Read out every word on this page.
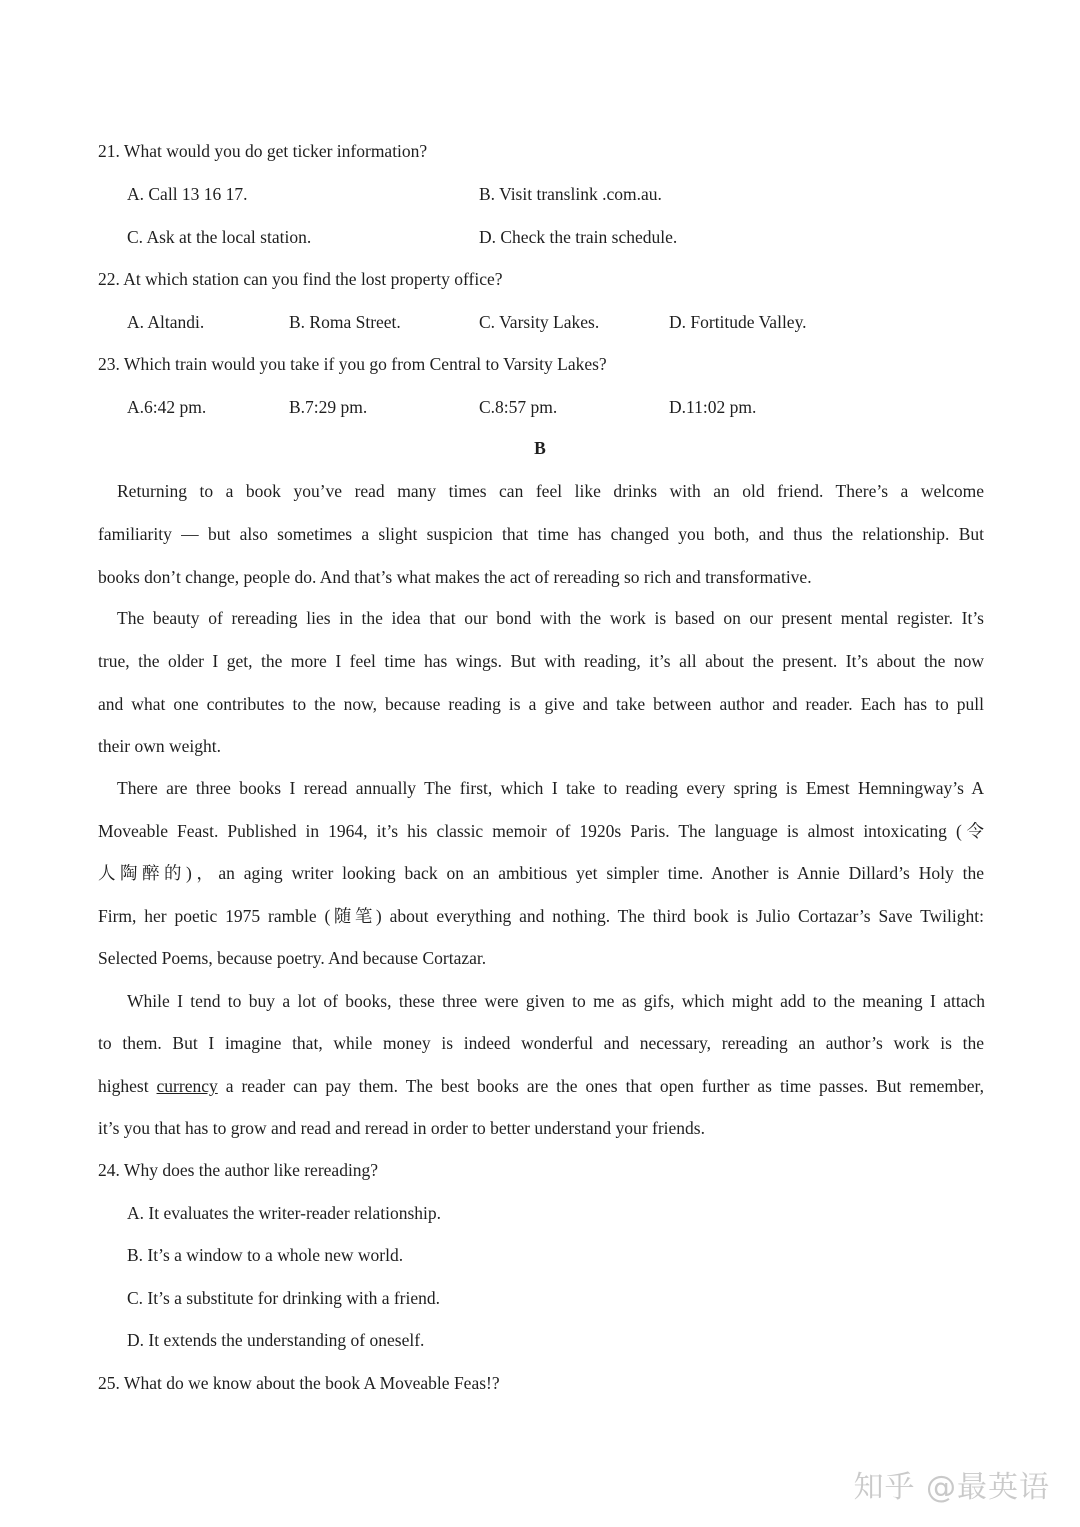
21. What would you do get ticker information?
A. Call 13 16 17.	B. Visit translink .com.au.
C. Ask at the local station.	D. Check the train schedule.
22. At which station can you find the lost property office?
A. Altandi.	B. Roma Street.	C. Varsity Lakes.	D. Fortitude Valley.
23. Which train would you take if you go from Central to Varsity Lakes?
A.6:42 pm.	B.7:29 pm.	C.8:57 pm.	D.11:02 pm.
B
Returning to a book you’ve read many times can feel like drinks with an old friend. There’s a welcome
familiarity — but also sometimes a slight suspicion that time has changed you both, and thus the relationship. But
books don’t change, people do. And that’s what makes the act of rereading so rich and transformative.
The beauty of rereading lies in the idea that our bond with the work is based on our present mental register. It’s
true, the older I get, the more I feel time has wings. But with reading, it’s all about the present. It’s about the now
and what one contributes to the now, because reading is a give and take between author and reader. Each has to pull
their own weight.
There are three books I reread annually The first, which I take to reading every spring is Emest Hemningway’s A
Moveable Feast. Published in 1964, it’s his classic memoir of 1920s Paris. The language is almost intoxicating (令
人陶醉的)，an aging writer looking back on an ambitious yet simpler time. Another is Annie Dillard’s Holy the
Firm, her poetic 1975 ramble (随笔) about everything and nothing. The third book is Julio Cortazar’s Save Twilight:
Selected Poems, because poetry. And because Cortazar.
While I tend to buy a lot of books, these three were given to me as gifs, which might add to the meaning I attach
to them. But I imagine that, while money is indeed wonderful and necessary, rereading an author’s work is the
highest currency a reader can pay them. The best books are the ones that open further as time passes. But remember,
it’s you that has to grow and read and reread in order to better understand your friends.
24. Why does the author like rereading?
A. It evaluates the writer-reader relationship.
B. It’s a window to a whole new world.
C. It’s a substitute for drinking with a friend.
D. It extends the understanding of oneself.
25. What do we know about the book A Moveable Feas!?
知乎 @最英语
